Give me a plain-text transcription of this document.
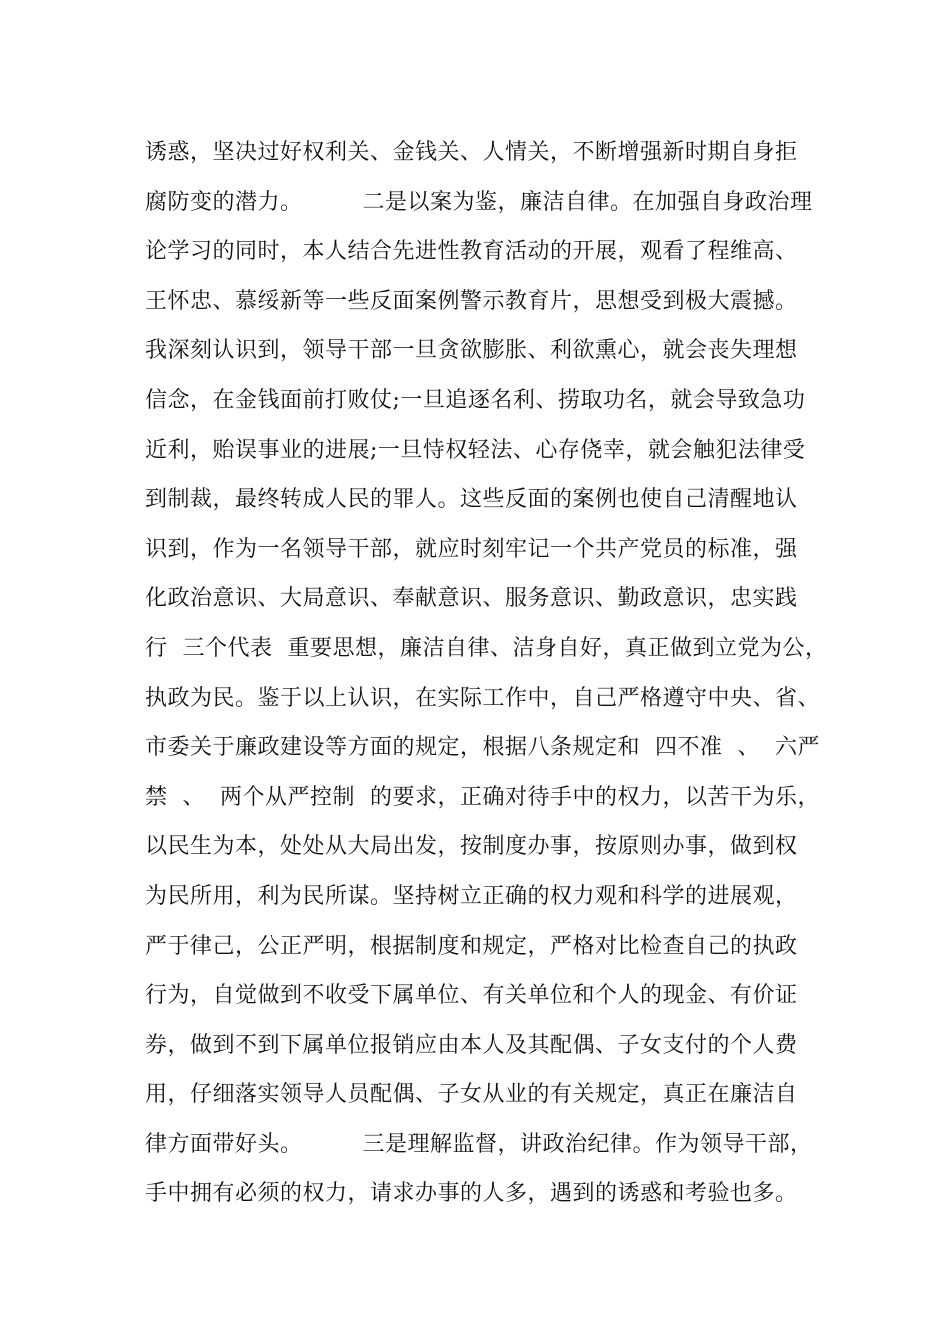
诱惑，坚决过好权利关、金钱关、人情关，不断增强新时期自身拒
腐防变的潜力。        二是以案为鉴，廉洁自律。在加强自身政治理
论学习的同时，本人结合先进性教育活动的开展，观看了程维高、
王怀忠、慕绥新等一些反面案例警示教育片，思想受到极大震撼。
我深刻认识到，领导干部一旦贪欲膨胀、利欲熏心，就会丧失理想
信念，在金钱面前打败仗;一旦追逐名利、捞取功名，就会导致急功
近利，贻误事业的进展;一旦恃权轻法、心存侥幸，就会触犯法律受
到制裁，最终转成人民的罪人。这些反面的案例也使自己清醒地认
识到，作为一名领导干部，就应时刻牢记一个共产党员的标准，强
化政治意识、大局意识、奉献意识、服务意识、勤政意识，忠实践
行  三个代表  重要思想，廉洁自律、洁身自好，真正做到立党为公，
执政为民。鉴于以上认识，在实际工作中，自己严格遵守中央、省、
市委关于廉政建设等方面的规定，根据八条规定和  四不准  、  六严
禁  、  两个从严控制  的要求，正确对待手中的权力，以苦干为乐，
以民生为本，处处从大局出发，按制度办事，按原则办事，做到权
为民所用，利为民所谋。坚持树立正确的权力观和科学的进展观，
严于律己，公正严明，根据制度和规定，严格对比检查自己的执政
行为，自觉做到不收受下属单位、有关单位和个人的现金、有价证
券，做到不到下属单位报销应由本人及其配偶、子女支付的个人费
用，仔细落实领导人员配偶、子女从业的有关规定，真正在廉洁自
律方面带好头。        三是理解监督，讲政治纪律。作为领导干部，
手中拥有必须的权力，请求办事的人多，遇到的诱惑和考验也多。
